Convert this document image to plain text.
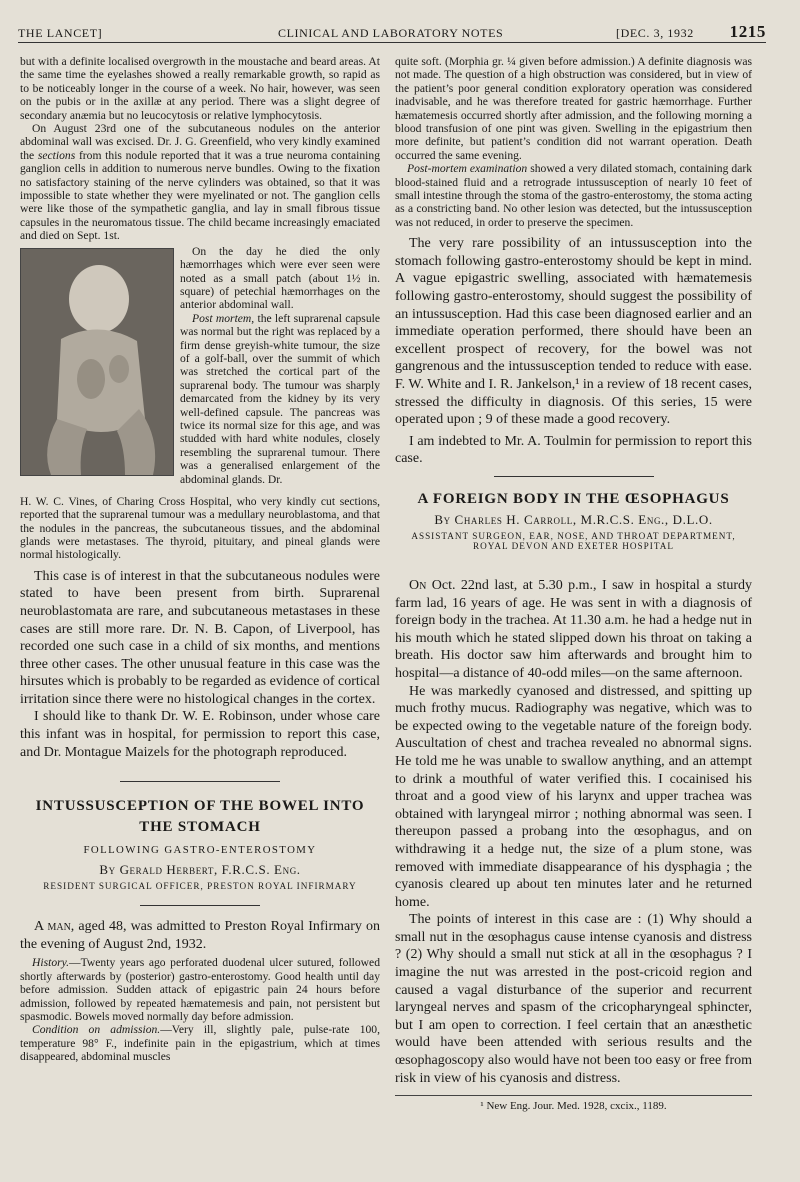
THE LANCET]	CLINICAL AND LABORATORY NOTES	[DEC. 3, 1932 1215

but with a definite localised overgrowth in the moustache and beard areas. At the same time the eyelashes showed a really remarkable growth, so rapid as to be noticeably longer in the course of a week. No hair, however, was seen on the pubis or in the axillæ at any period. There was a slight degree of secondary anæmia but no leucocytosis or relative lymphocytosis.

On August 23rd one of the subcutaneous nodules on the anterior abdominal wall was excised. Dr. J. G. Greenfield, who very kindly examined the sections from this nodule reported that it was a true neuroma containing ganglion cells in addition to numerous nerve bundles. Owing to the fixation no satisfactory staining of the nerve cylinders was obtained, so that it was impossible to state whether they were myelinated or not. The ganglion cells were like those of the sympathetic ganglia, and lay in small fibrous tissue capsules in the neuromatous tissue. The child became increasingly emaciated and died on Sept. 1st.

On the day he died the only hæmorrhages which were ever seen were noted as a small patch (about 1½ in. square) of petechial hæmorrhages on the anterior abdominal wall.

Post mortem, the left suprarenal capsule was normal but the right was replaced by a firm dense greyish-white tumour, the size of a golf-ball, over the summit of which was stretched the cortical part of the suprarenal body. The tumour was sharply demarcated from the kidney by its very well-defined capsule. The pancreas was twice its normal size for this age, and was studded with hard white nodules, closely resembling the suprarenal tumour. There was a generalised enlargement of the abdominal glands. Dr.

H. W. C. Vines, of Charing Cross Hospital, who very kindly cut sections, reported that the suprarenal tumour was a medullary neuroblastoma, and that the nodules in the pancreas, the subcutaneous tissues, and the abdominal glands were metastases. The thyroid, pituitary, and pineal glands were normal histologically.

This case is of interest in that the subcutaneous nodules were stated to have been present from birth. Suprarenal neuroblastomata are rare, and subcutaneous metastases in these cases are still more rare. Dr. N. B. Capon, of Liverpool, has recorded one such case in a child of six months, and mentions three other cases. The other unusual feature in this case was the hirsutes which is probably to be regarded as evidence of cortical irritation since there were no histological changes in the cortex.

I should like to thank Dr. W. E. Robinson, under whose care this infant was in hospital, for permission to report this case, and Dr. Montague Maizels for the photograph reproduced.

INTUSSUSCEPTION OF THE BOWEL INTO THE STOMACH

FOLLOWING GASTRO-ENTEROSTOMY

By Gerald Herbert, F.R.C.S. Eng.

RESIDENT SURGICAL OFFICER, PRESTON ROYAL INFIRMARY

A man, aged 48, was admitted to Preston Royal Infirmary on the evening of August 2nd, 1932.

History.—Twenty years ago perforated duodenal ulcer sutured, followed shortly afterwards by (posterior) gastro-enterostomy. Good health until day before admission. Sudden attack of epigastric pain 24 hours before admission, followed by repeated hæmatemesis and pain, not persistent but spasmodic. Bowels moved normally day before admission.

Condition on admission.—Very ill, slightly pale, pulse-rate 100, temperature 98° F., indefinite pain in the epigastrium, which at times disappeared, abdominal muscles

quite soft. (Morphia gr. ¼ given before admission.) A definite diagnosis was not made. The question of a high obstruction was considered, but in view of the patient’s poor general condition exploratory operation was considered inadvisable, and he was therefore treated for gastric hæmorrhage. Further hæmatemesis occurred shortly after admission, and the following morning a blood transfusion of one pint was given. Swelling in the epigastrium then more definite, but patient’s condition did not warrant operation. Death occurred the same evening.

Post-mortem examination showed a very dilated stomach, containing dark blood-stained fluid and a retrograde intussusception of nearly 10 feet of small intestine through the stoma of the gastro-enterostomy, the stoma acting as a constricting band. No other lesion was detected, but the intussusception was not reduced, in order to preserve the specimen.

The very rare possibility of an intussusception into the stomach following gastro-enterostomy should be kept in mind. A vague epigastric swelling, associated with hæmatemesis following gastro-enterostomy, should suggest the possibility of an intussusception. Had this case been diagnosed earlier and an immediate operation performed, there should have been an excellent prospect of recovery, for the bowel was not gangrenous and the intussusception tended to reduce with ease. F. W. White and I. R. Jankelson,¹ in a review of 18 recent cases, stressed the difficulty in diagnosis. Of this series, 15 were operated upon ; 9 of these made a good recovery.

I am indebted to Mr. A. Toulmin for permission to report this case.

A FOREIGN BODY IN THE ŒSOPHAGUS

By Charles H. Carroll, M.R.C.S. Eng., D.L.O.

ASSISTANT SURGEON, EAR, NOSE, AND THROAT DEPARTMENT, ROYAL DEVON AND EXETER HOSPITAL

On Oct. 22nd last, at 5.30 p.m., I saw in hospital a sturdy farm lad, 16 years of age. He was sent in with a diagnosis of foreign body in the trachea. At 11.30 a.m. he had a hedge nut in his mouth which he stated slipped down his throat on taking a breath. His doctor saw him afterwards and brought him to hospital—a distance of 40-odd miles—on the same afternoon.

He was markedly cyanosed and distressed, and spitting up much frothy mucus. Radiography was negative, which was to be expected owing to the vegetable nature of the foreign body. Auscultation of chest and trachea revealed no abnormal signs. He told me he was unable to swallow anything, and an attempt to drink a mouthful of water verified this. I cocainised his throat and a good view of his larynx and upper trachea was obtained with laryngeal mirror ; nothing abnormal was seen. I thereupon passed a probang into the œsophagus, and on withdrawing it a hedge nut, the size of a plum stone, was removed with immediate disappearance of his dysphagia ; the cyanosis cleared up about ten minutes later and he returned home.

The points of interest in this case are : (1) Why should a small nut in the œsophagus cause intense cyanosis and distress ? (2) Why should a small nut stick at all in the œsophagus ? I imagine the nut was arrested in the post-cricoid region and caused a vagal disturbance of the superior and recurrent laryngeal nerves and spasm of the cricopharyngeal sphincter, but I am open to correction. I feel certain that an anæsthetic would have been attended with serious results and the œsophagoscopy also would have not been too easy or free from risk in view of his cyanosis and distress.

¹ New Eng. Jour. Med. 1928, cxcix., 1189.
